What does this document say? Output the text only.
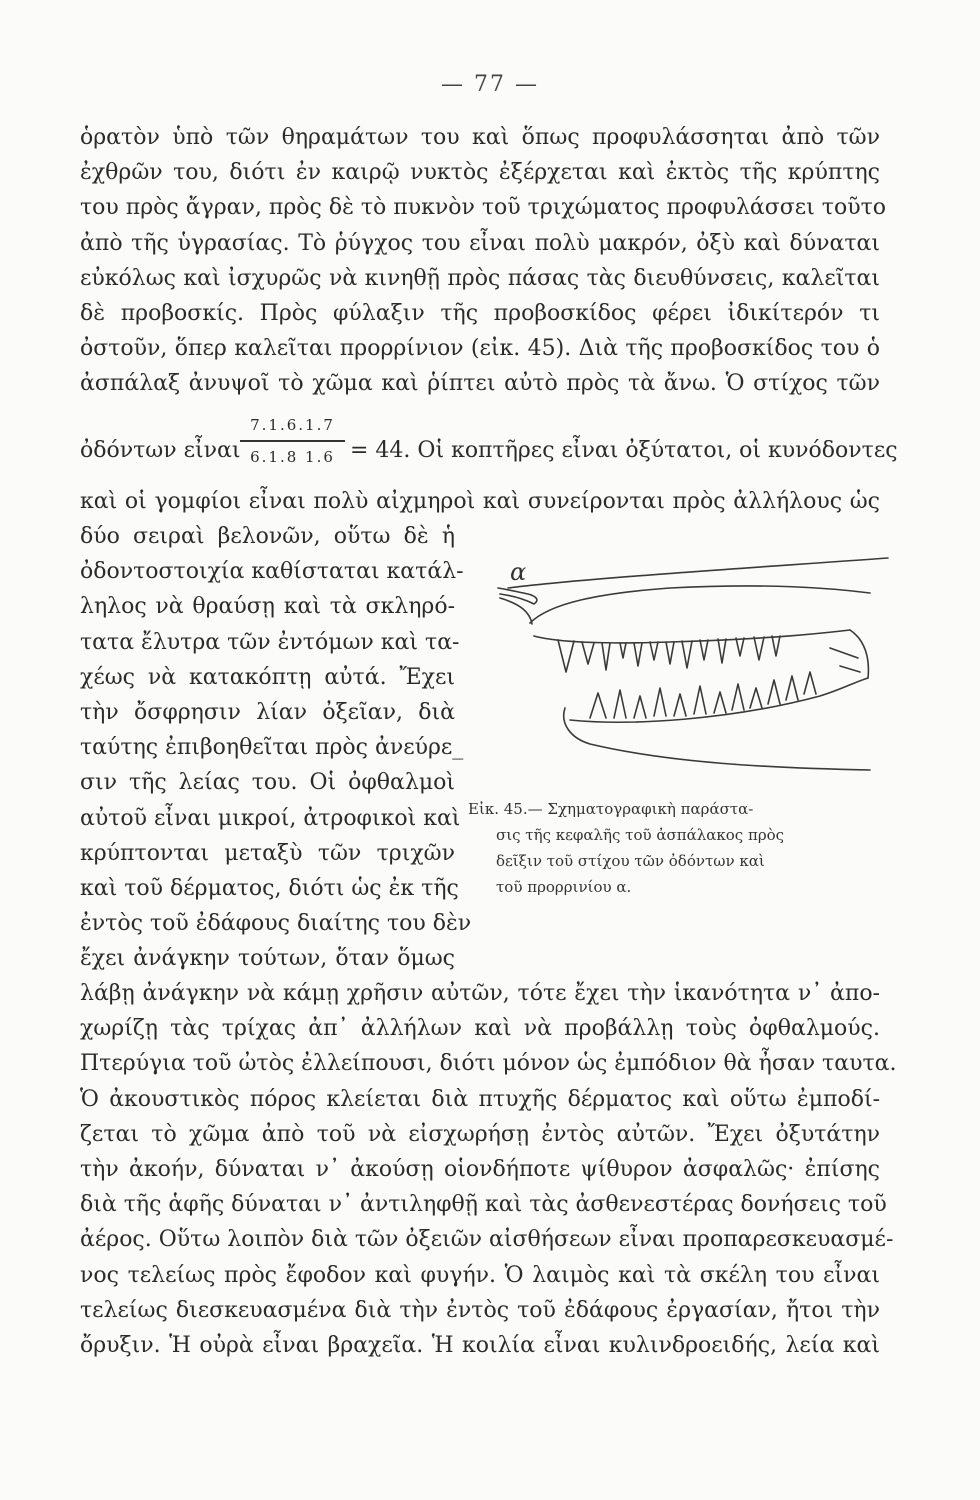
— 77 —
ὁρατὸν ὑπὸ τῶν θηραμάτων του καὶ ὅπως προφυλάσσηται ἀπὸ τῶν
ἐχθρῶν του, διότι ἐν καιρῷ νυκτὸς ἐξέρχεται καὶ ἐκτὸς τῆς κρύπτης
του πρὸς ἄγραν, πρὸς δὲ τὸ πυκνὸν τοῦ τριχώματος προφυλάσσει τοῦτο
ἀπὸ τῆς ὑγρασίας. Τὸ ῥύγχος του εἶναι πολὺ μακρόν, ὀξὺ καὶ δύναται
εὐκόλως καὶ ἰσχυρῶς νὰ κινηθῇ πρὸς πάσας τὰς διευθύνσεις, καλεῖται
δὲ προβοσκίς. Πρὸς φύλαξιν τῆς προβοσκίδος φέρει ἰδικίτερόν τι
ὀστοῦν, ὅπερ καλεῖται προρρίνιον (εἰκ. 45). Διὰ τῆς προβοσκίδος του ὁ
ἀσπάλαξ ἀνυψοῖ τὸ χῶμα καὶ ῥίπτει αὐτὸ πρὸς τὰ ἄνω. Ὁ στίχος τῶν
ὀδόντων εἶναι
7.1.6.1.7
6.1.8 1.6 = 44. Οἱ κοπτῆρες εἶναι ὀξύτατοι, οἱ κυνόδοντες
καὶ οἱ γομφίοι εἶναι πολὺ αἰχμηροὶ καὶ συνείρονται πρὸς ἀλλήλους ὡς
δύο σειραὶ βελονῶν, οὕτω δὲ ἡ
ὀδοντοστοιχία καθίσταται κατάλ-
ληλος νὰ θραύσῃ καὶ τὰ σκληρό-
τατα ἔλυτρα τῶν ἐντόμων καὶ τα-
χέως νὰ κατακόπτῃ αὐτά. Ἔχει
τὴν ὄσφρησιν λίαν ὀξεῖαν, διὰ
ταύτης ἐπιβοηθεῖται πρὸς ἀνεύρε_
σιν τῆς λείας του. Οἱ ὀφθαλμοὶ
αὐτοῦ εἶναι μικροί, ἀτροφικοὶ καὶ
κρύπτονται μεταξὺ τῶν τριχῶν
καὶ τοῦ δέρματος, διότι ὡς ἐκ τῆς
ἐντὸς τοῦ ἐδάφους διαίτης του δὲν
ἔχει ἀνάγκην τούτων, ὅταν ὅμως
α
Εἰκ. 45.— Σχηματογραφικὴ παράστα-
σις τῆς κεφαλῆς τοῦ ἀσπάλακος πρὸς
δεῖξιν τοῦ στίχου τῶν ὀδόντων καὶ
τοῦ προρρινίου α.
λάβῃ ἀνάγκην νὰ κάμῃ χρῆσιν αὐτῶν, τότε ἔχει τὴν ἱκανότητα ν᾽ ἀπο-
χωρίζῃ τὰς τρίχας ἀπ᾽ ἀλλήλων καὶ νὰ προβάλλῃ τοὺς ὀφθαλμούς.
Πτερύγια τοῦ ὠτὸς ἐλλείπουσι, διότι μόνον ὡς ἐμπόδιον θὰ ἦσαν ταυτα.
Ὁ ἀκουστικὸς πόρος κλείεται διὰ πτυχῆς δέρματος καὶ οὕτω ἐμποδί-
ζεται τὸ χῶμα ἀπὸ τοῦ νὰ εἰσχωρήσῃ ἐντὸς αὐτῶν. Ἔχει ὀξυτάτην
τὴν ἀκοήν, δύναται ν᾽ ἀκούσῃ οἱονδήποτε ψίθυρον ἀσφαλῶς· ἐπίσης
διὰ τῆς ἁφῆς δύναται ν᾽ ἀντιληφθῇ καὶ τὰς ἀσθενεστέρας δονήσεις τοῦ
ἀέρος. Οὕτω λοιπὸν διὰ τῶν ὀξειῶν αἰσθήσεων εἶναι προπαρεσκευασμέ-
νος τελείως πρὸς ἔφοδον καὶ φυγήν. Ὁ λαιμὸς καὶ τὰ σκέλη του εἶναι
τελείως διεσκευασμένα διὰ τὴν ἐντὸς τοῦ ἐδάφους ἐργασίαν, ἤτοι τὴν
ὄρυξιν. Ἡ οὐρὰ εἶναι βραχεῖα. Ἡ κοιλία εἶναι κυλινδροειδής, λεία καὶ
